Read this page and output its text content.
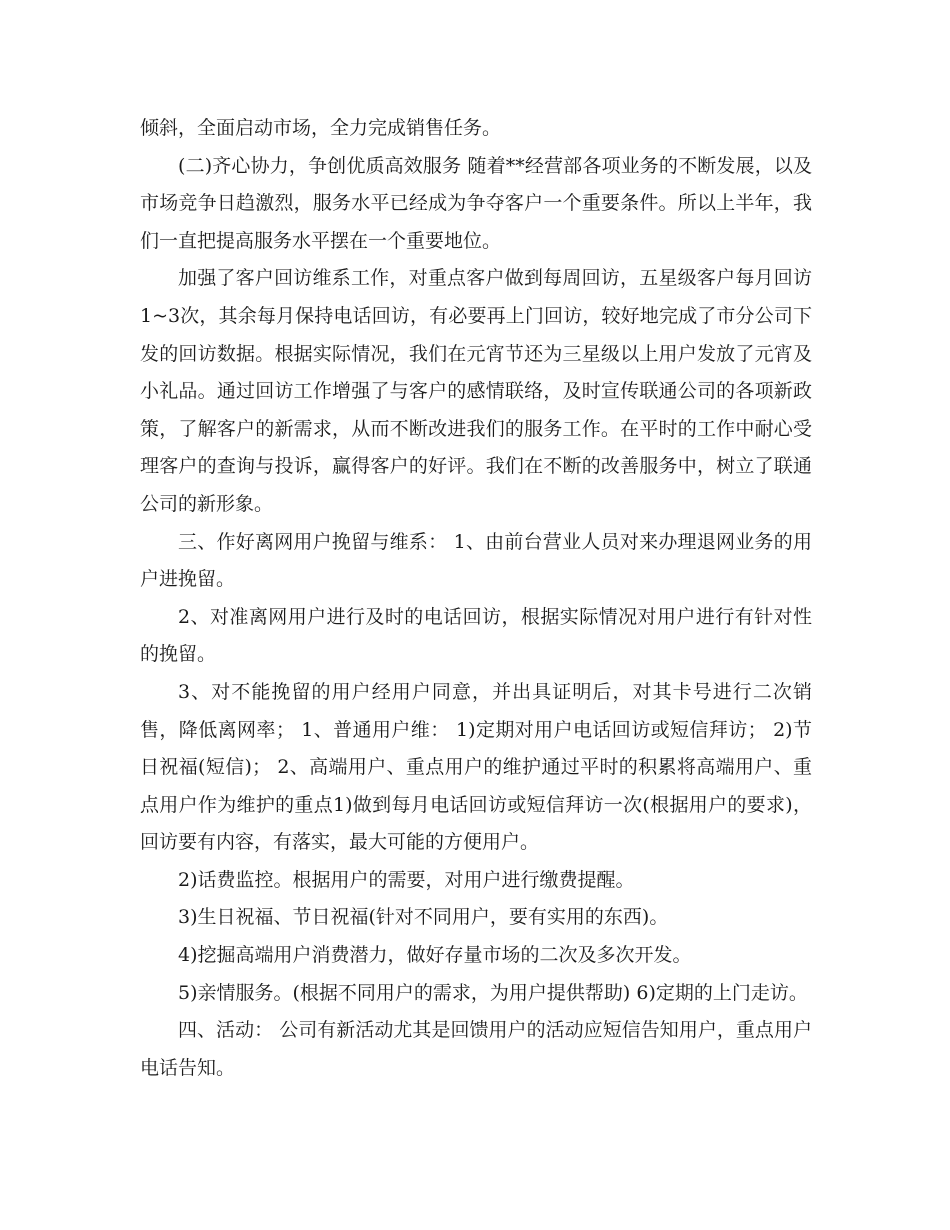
倾斜，全面启动市场，全力完成销售任务。

(二)齐心协力，争创优质高效服务 随着**经营部各项业务的不断发展，以及市场竞争日趋激烈，服务水平已经成为争夺客户一个重要条件。所以上半年，我们一直把提高服务水平摆在一个重要地位。

加强了客户回访维系工作，对重点客户做到每周回访，五星级客户每月回访1~3次，其余每月保持电话回访，有必要再上门回访，较好地完成了市分公司下发的回访数据。根据实际情况，我们在元宵节还为三星级以上用户发放了元宵及小礼品。通过回访工作增强了与客户的感情联络，及时宣传联通公司的各项新政策，了解客户的新需求，从而不断改进我们的服务工作。在平时的工作中耐心受理客户的查询与投诉，赢得客户的好评。我们在不断的改善服务中，树立了联通公司的新形象。

三、作好离网用户挽留与维系： 1、由前台营业人员对来办理退网业务的用户进挽留。

2、对准离网用户进行及时的电话回访，根据实际情况对用户进行有针对性的挽留。

3、对不能挽留的用户经用户同意，并出具证明后，对其卡号进行二次销售，降低离网率； 1、普通用户维： 1)定期对用户电话回访或短信拜访； 2)节日祝福(短信)； 2、高端用户、重点用户的维护通过平时的积累将高端用户、重点用户作为维护的重点1)做到每月电话回访或短信拜访一次(根据用户的要求)，回访要有内容，有落实，最大可能的方便用户。

2)话费监控。根据用户的需要，对用户进行缴费提醒。

3)生日祝福、节日祝福(针对不同用户，要有实用的东西)。

4)挖掘高端用户消费潜力，做好存量市场的二次及多次开发。

5)亲情服务。(根据不同用户的需求，为用户提供帮助) 6)定期的上门走访。

四、活动： 公司有新活动尤其是回馈用户的活动应短信告知用户，重点用户电话告知。
